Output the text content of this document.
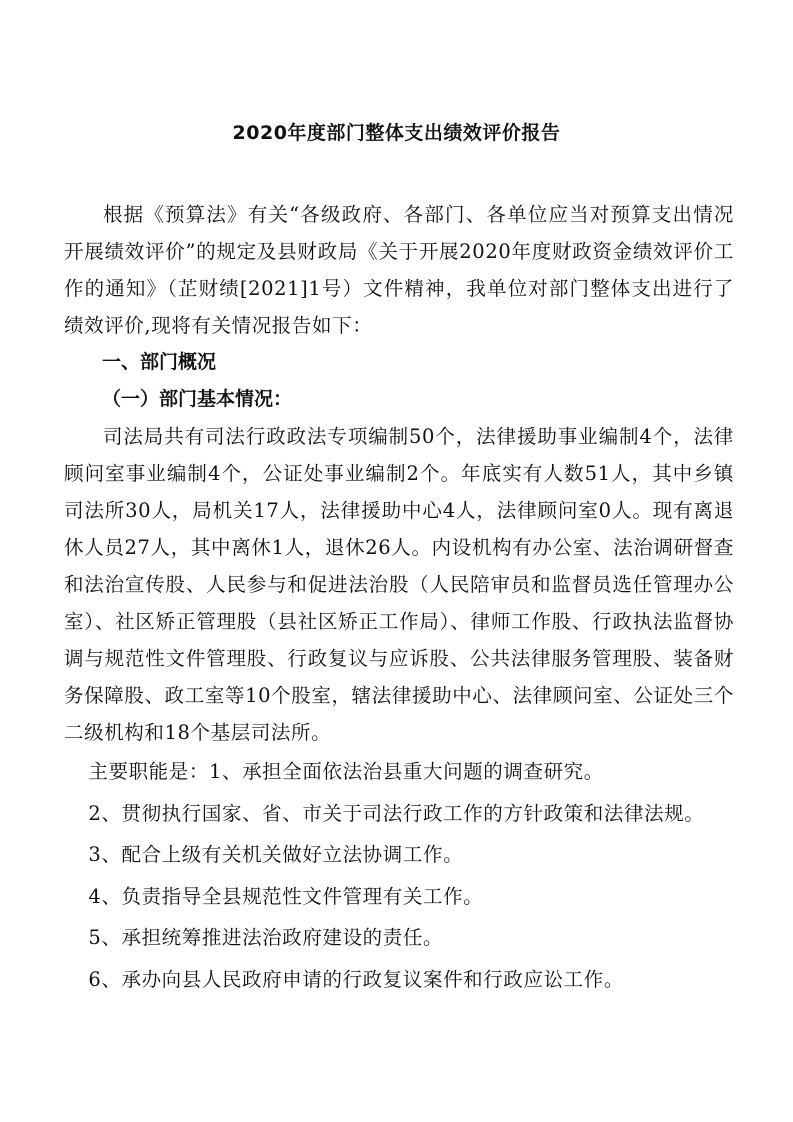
2020年度部门整体支出绩效评价报告

根据《预算法》有关“各级政府、各部门、各单位应当对预算支出情况开展绩效评价”的规定及县财政局《关于开展2020年度财政资金绩效评价工作的通知》（芷财绩[2021]1号）文件精神，我单位对部门整体支出进行了绩效评价,现将有关情况报告如下：

一、部门概况

（一）部门基本情况：

司法局共有司法行政政法专项编制50个，法律援助事业编制4个，法律顾问室事业编制4个，公证处事业编制2个。年底实有人数51人，其中乡镇司法所30人，局机关17人，法律援助中心4人，法律顾问室0人。现有离退休人员27人，其中离休1人，退休26人。内设机构有办公室、法治调研督查和法治宣传股、人民参与和促进法治股（人民陪审员和监督员选任管理办公室）、社区矫正管理股（县社区矫正工作局）、律师工作股、行政执法监督协调与规范性文件管理股、行政复议与应诉股、公共法律服务管理股、装备财务保障股、政工室等10个股室，辖法律援助中心、法律顾问室、公证处三个二级机构和18个基层司法所。

主要职能是：1、承担全面依法治县重大问题的调查研究。

2、贯彻执行国家、省、市关于司法行政工作的方针政策和法律法规。

3、配合上级有关机关做好立法协调工作。

4、负责指导全县规范性文件管理有关工作。

5、承担统筹推进法治政府建设的责任。

6、承办向县人民政府申请的行政复议案件和行政应讼工作。
